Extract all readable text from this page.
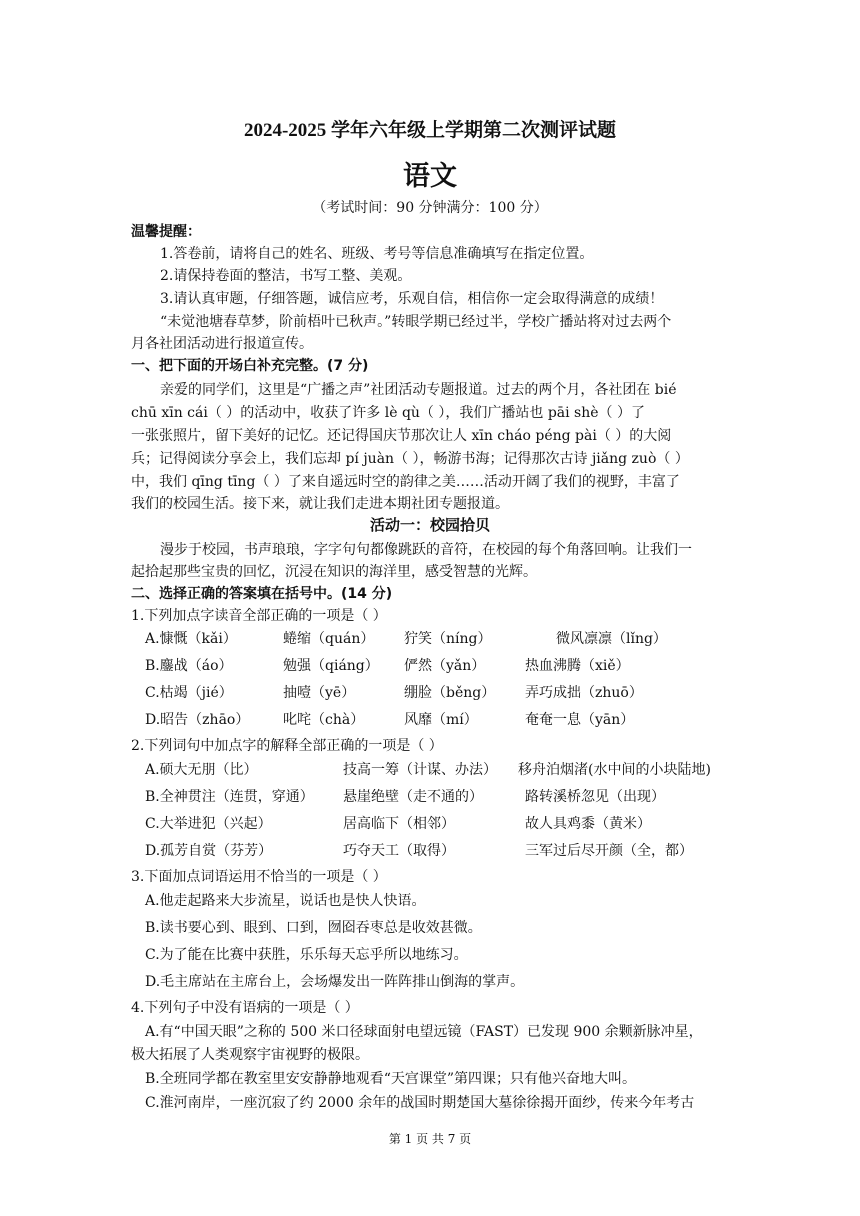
2024-2025 学年六年级上学期第二次测评试题
语文
（考试时间：90 分钟满分：100 分）
温馨提醒：
1.答卷前，请将自己的姓名、班级、考号等信息准确填写在指定位置。
2.请保持卷面的整洁，书写工整、美观。
3.请认真审题，仔细答题，诚信应考，乐观自信，相信你一定会取得满意的成绩！
“未觉池塘春草梦，阶前梧叶已秋声。”转眼学期已经过半，学校广播站将对过去两个
月各社团活动进行报道宣传。
一、把下面的开场白补充完整。(7 分)
亲爱的同学们，这里是“广播之声”社团活动专题报道。过去的两个月，各社团在 bié
chū xīn cái（ ）的活动中，收获了许多 lè qù（ ），我们广播站也 pāi shè（ ）了
一张张照片，留下美好的记忆。还记得国庆节那次让人 xīn cháo péng pài（ ）的大阅
兵；记得阅读分享会上，我们忘却 pí juàn（ ），畅游书海；记得那次古诗 jiǎng zuò（ ）
中，我们 qīng tīng（ ）了来自遥远时空的韵律之美……活动开阔了我们的视野，丰富了
我们的校园生活。接下来，就让我们走进本期社团专题报道。
活动一：校园拾贝
漫步于校园，书声琅琅，字字句句都像跳跃的音符，在校园的每个角落回响。让我们一
起拾起那些宝贵的回忆，沉浸在知识的海洋里，感受智慧的光辉。
二、选择正确的答案填在括号中。(14 分)
1.下列加点字读音全部正确的一项是（ ）
A.慷慨（kǎi）	蜷缩（quán） 狞笑（níng）	微风凛凛（lǐng）
B.鏖战（áo）	勉强（qiáng） 俨然（yǎn）	热血沸腾（xiě）
C.枯竭（jié）	抽噎（yē）	绷脸（běng） 弄巧成拙（zhuō）
D.昭告（zhāo） 叱咤（chà）	风靡（mí）	奄奄一息（yān）
2.下列词句中加点字的解释全部正确的一项是（ ）
A.硕大无朋（比）	技高一筹（计谋、办法） 移舟泊烟渚(水中间的小块陆地)
B.全神贯注（连贯，穿通） 悬崖绝壁（走不通的）	路转溪桥忽见（出现）
C.大举进犯（兴起）	居高临下（相邻）	故人具鸡黍（黄米）
D.孤芳自赏（芬芳）	巧夺天工（取得）	三军过后尽开颜（全，都）
3.下面加点词语运用不恰当的一项是（ ）
A.他走起路来大步流星，说话也是快人快语。
B.读书要心到、眼到、口到，囫囵吞枣总是收效甚微。
C.为了能在比赛中获胜，乐乐每天忘乎所以地练习。
D.毛主席站在主席台上，会场爆发出一阵阵排山倒海的掌声。
4.下列句子中没有语病的一项是（ ）
A.有“中国天眼”之称的 500 米口径球面射电望远镜（FAST）已发现 900 余颗新脉冲星，
极大拓展了人类观察宇宙视野的极限。
B.全班同学都在教室里安安静静地观看“天宫课堂”第四课；只有他兴奋地大叫。
C.淮河南岸，一座沉寂了约 2000 余年的战国时期楚国大墓徐徐揭开面纱，传来今年考古
第 1 页 共 7 页
